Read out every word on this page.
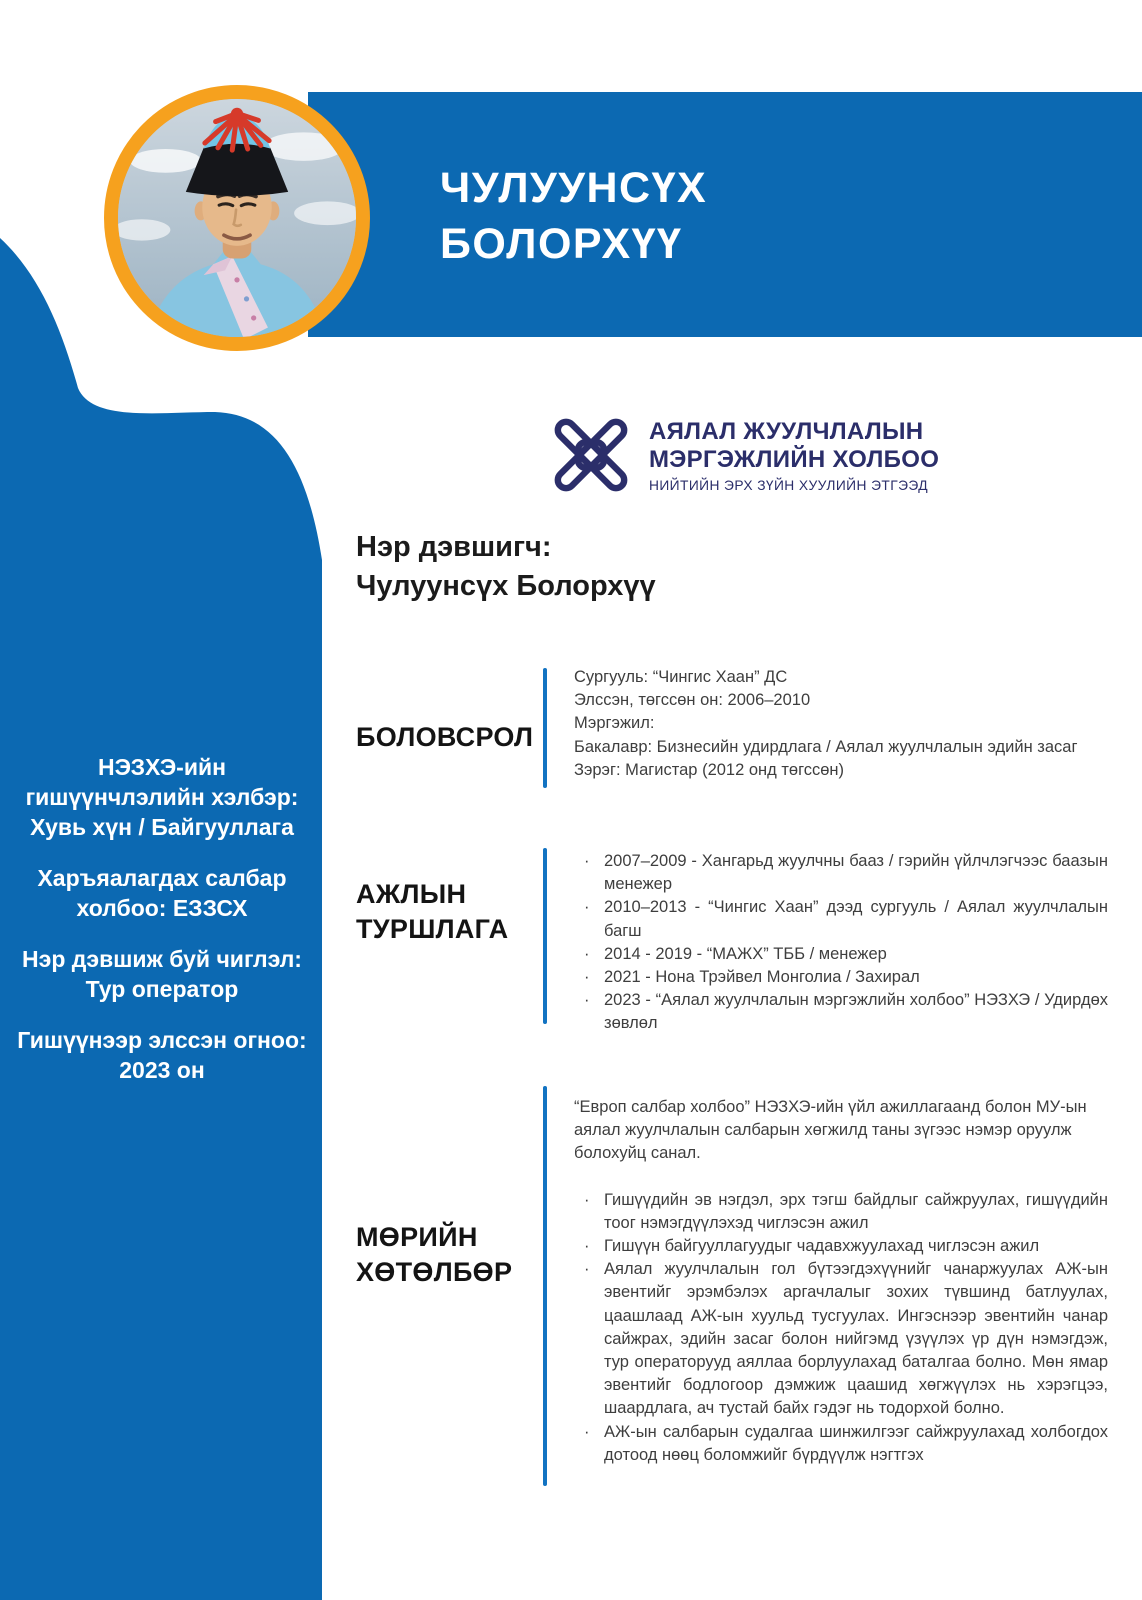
ЧУЛУУНСҮХ
БОЛОРХҮҮ

НЭЗХЭ-ийн гишүүнчлэлийн хэлбэр: Хувь хүн / Байгууллага

Харъяалагдах салбар холбоо: ЕЗЗСХ

Нэр дэвшиж буй чиглэл: Тур оператор

Гишүүнээр элссэн огноо: 2023 он

АЯЛАЛ ЖУУЛЧЛАЛЫН
МЭРГЭЖЛИЙН ХОЛБОО
НИЙТИЙН ЭРХ ЗҮЙН ХУУЛИЙН ЭТГЭЭД
Нэр дэвшигч:
Чулуунсүх Болорхүү
БОЛОВСРОЛ

Сургууль: “Чингис Хаан” ДС

Элссэн, төгссөн он: 2006–2010

Мэргэжил:

Бакалавр: Бизнесийн удирдлага / Аялал жуулчлалын эдийн засаг

Зэрэг: Магистар (2012 онд төгссөн)

АЖЛЫН
ТУРШЛАГА

· 2007–2009 - Хангарьд жуулчны бааз / гэрийн үйлчлэгчээс баазын менежер

· 2010–2013 - “Чингис Хаан” дээд сургууль / Аялал жуулчлалын багш

· 2014 - 2019 - “МАЖХ” ТББ / менежер

· 2021 - Нона Трэйвел Монголиа / Захирал

· 2023 - “Аялал жуулчлалын мэргэжлийн холбоо” НЭЗХЭ / Удирдөх зөвлөл

МӨРИЙН
ХӨТӨЛБӨР

“Европ салбар холбоо” НЭЗХЭ-ийн үйл ажиллагаанд болон МУ-ын аялал жуулчлалын салбарын хөгжилд таны зүгээс нэмэр оруулж болохуйц санал.

· Гишүүдийн эв нэгдэл, эрх тэгш байдлыг сайжруулах, гишүүдийн тоог нэмэгдүүлэхэд чиглэсэн ажил

· Гишүүн байгууллагуудыг чадавхжуулахад чиглэсэн ажил

· Аялал жуулчлалын гол бүтээгдэхүүнийг чанаржуулах АЖ-ын эвентийг эрэмбэлэх аргачлалыг зохих түвшинд батлуулах, цаашлаад АЖ-ын хуульд тусгуулах. Ингэснээр эвентийн чанар сайжрах, эдийн засаг болон нийгэмд үзүүлэх үр дүн нэмэгдэж, тур операторууд аяллаа борлуулахад баталгаа болно. Мөн ямар эвентийг бодлогоор дэмжиж цаашид хөгжүүлэх нь хэрэгцээ, шаардлага, ач тустай байх гэдэг нь тодорхой болно.

· АЖ-ын салбарын судалгаа шинжилгээг сайжруулахад холбогдох дотоод нөөц боломжийг бүрдүүлж нэгтгэх
